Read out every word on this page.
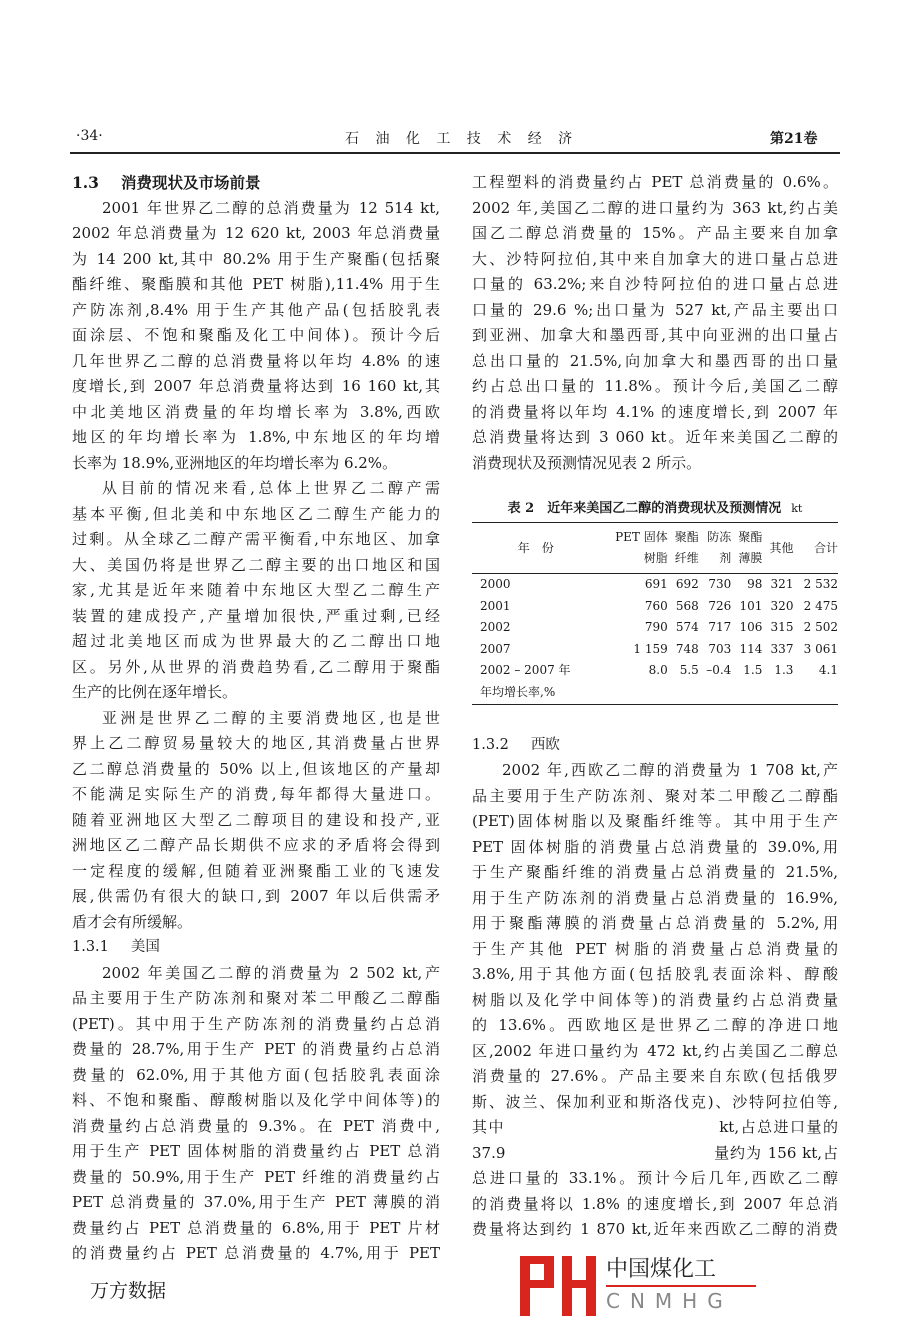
·34·	石 油 化 工 技 术 经 济	第21卷
1.3 消费现状及市场前景
2001 年世界乙二醇的总消费量为 12 514 kt,
2002 年总消费量为 12 620 kt, 2003 年总消费量
为 14 200 kt,其中 80.2% 用于生产聚酯(包括聚
酯纤维、聚酯膜和其他 PET 树脂),11.4% 用于生
产防冻剂,8.4% 用于生产其他产品(包括胶乳表
面涂层、不饱和聚酯及化工中间体)。预计今后
几年世界乙二醇的总消费量将以年均 4.8% 的速
度增长,到 2007 年总消费量将达到 16 160 kt,其
中北美地区消费量的年均增长率为 3.8%,西欧
地区的年均增长率为 1.8%,中东地区的年均增
长率为 18.9%,亚洲地区的年均增长率为 6.2%。
从目前的情况来看,总体上世界乙二醇产需
基本平衡,但北美和中东地区乙二醇生产能力的
过剩。从全球乙二醇产需平衡看,中东地区、加拿
大、美国仍将是世界乙二醇主要的出口地区和国
家,尤其是近年来随着中东地区大型乙二醇生产
装置的建成投产,产量增加很快,严重过剩,已经
超过北美地区而成为世界最大的乙二醇出口地
区。另外,从世界的消费趋势看,乙二醇用于聚酯
生产的比例在逐年增长。
亚洲是世界乙二醇的主要消费地区,也是世
界上乙二醇贸易量较大的地区,其消费量占世界
乙二醇总消费量的 50% 以上,但该地区的产量却
不能满足实际生产的消费,每年都得大量进口。
随着亚洲地区大型乙二醇项目的建设和投产,亚
洲地区乙二醇产品长期供不应求的矛盾将会得到
一定程度的缓解,但随着亚洲聚酯工业的飞速发
展,供需仍有很大的缺口,到 2007 年以后供需矛
盾才会有所缓解。
1.3.1 美国
2002 年美国乙二醇的消费量为 2 502 kt,产
品主要用于生产防冻剂和聚对苯二甲酸乙二醇酯
(PET)。其中用于生产防冻剂的消费量约占总消
费量的 28.7%,用于生产 PET 的消费量约占总消
费量的 62.0%,用于其他方面(包括胶乳表面涂
料、不饱和聚酯、醇酸树脂以及化学中间体等)的
消费量约占总消费量的 9.3%。在 PET 消费中,
用于生产 PET 固体树脂的消费量约占 PET 总消
费量的 50.9%,用于生产 PET 纤维的消费量约占
PET 总消费量的 37.0%,用于生产 PET 薄膜的消
费量约占 PET 总消费量的 6.8%,用于 PET 片材
的消费量约占 PET 总消费量的 4.7%,用于 PET
工程塑料的消费量约占 PET 总消费量的 0.6%。
2002 年,美国乙二醇的进口量约为 363 kt,约占美
国乙二醇总消费量的 15%。产品主要来自加拿
大、沙特阿拉伯,其中来自加拿大的进口量占总进
口量的 63.2%;来自沙特阿拉伯的进口量占总进
口量的 29.6 %;出口量为 527 kt,产品主要出口
到亚洲、加拿大和墨西哥,其中向亚洲的出口量占
总出口量的 21.5%,向加拿大和墨西哥的出口量
约占总出口量的 11.8%。预计今后,美国乙二醇
的消费量将以年均 4.1% 的速度增长,到 2007 年
总消费量将达到 3 060 kt。近年来美国乙二醇的
消费现状及预测情况见表 2 所示。
表 2　近年来美国乙二醇的消费现状及预测情况 kt
年　份	PET 固体
树脂	聚酯
纤维	防冻
剂	聚酯
薄膜	其他	合计
2000	691	692	730	98	321	2 532
2001	760	568	726	101	320	2 475
2002	790	574	717	106	315	2 502
2007	1 159	748	703	114	337	3 061
2002 – 2007 年	8.0	5.5	–0.4	1.5	1.3	4.1
年均增长率,%						
1.3.2 西欧
2002 年,西欧乙二醇的消费量为 1 708 kt,产
品主要用于生产防冻剂、聚对苯二甲酸乙二醇酯
(PET)固体树脂以及聚酯纤维等。其中用于生产
PET 固体树脂的消费量占总消费量的 39.0%,用
于生产聚酯纤维的消费量占总消费量的 21.5%,
用于生产防冻剂的消费量占总消费量的 16.9%,
用于聚酯薄膜的消费量占总消费量的 5.2%,用
于生产其他 PET 树脂的消费量占总消费量的
3.8%,用于其他方面(包括胶乳表面涂料、醇酸
树脂以及化学中间体等)的消费量约占总消费量
的 13.6%。西欧地区是世界乙二醇的净进口地
区,2002 年进口量约为 472 kt,约占美国乙二醇总
消费量的 27.6%。产品主要来自东欧(包括俄罗
斯、波兰、保加利亚和斯洛伐克)、沙特阿拉伯等,
其中　　　　　　　　　　　　　kt,占总进口量的
37.9　　　　　　　　　　　　　量约为 156 kt,占
总进口量的 33.1%。预计今后几年,西欧乙二醇
的消费量将以 1.8% 的速度增长,到 2007 年总消
费量将达到约 1 870 kt,近年来西欧乙二醇的消费
中国煤化工
CNMHG
万方数据
